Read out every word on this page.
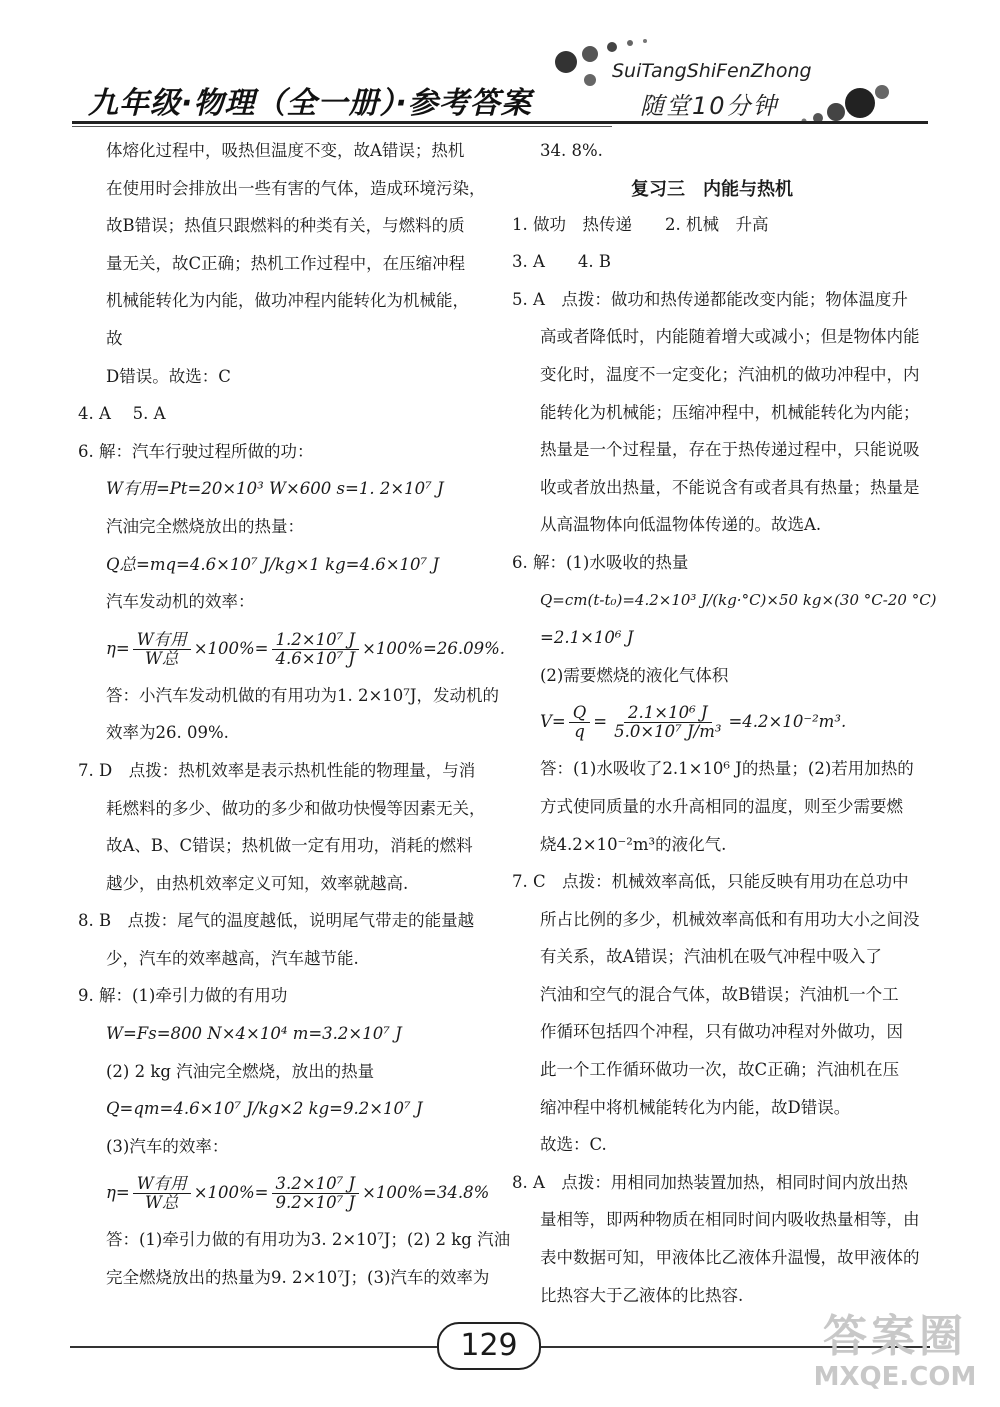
九年级·物理（全一册）·参考答案
SuiTangShiFenZhong
随堂10分钟

体熔化过程中，吸热但温度不变，故A错误；热机

在使用时会排放出一些有害的气体，造成环境污染，

故B错误；热值只跟燃料的种类有关，与燃料的质

量无关，故C正确；热机工作过程中，在压缩冲程

机械能转化为内能，做功冲程内能转化为机械能，

故

D错误。故选：C

4. A　 5. A

6. 解：汽车行驶过程所做的功：

W有用=Pt=20×10³ W×600 s=1. 2×10⁷ J

汽油完全燃烧放出的热量：

Q总=mq=4.6×10⁷ J/kg×1 kg=4.6×10⁷ J

汽车发动机的效率：

$\eta= \frac{\text{W有用}}{\text{W总}} \times 100\%= \frac{\text{1.2×10⁷ J}}{\text{4.6×10⁷ J}} \times 100\%=26.09\%$.

答：小汽车发动机做的有用功为1. 2×10⁷J，发动机的

效率为26. 09%.

7. D　点拨：热机效率是表示热机性能的物理量，与消

耗燃料的多少、做功的多少和做功快慢等因素无关，

故A、B、C错误；热机做一定有用功，消耗的燃料

越少，由热机效率定义可知，效率就越高.

8. B　点拨：尾气的温度越低，说明尾气带走的能量越

少，汽车的效率越高，汽车越节能.

9. 解：(1)牵引力做的有用功

W=Fs=800 N×4×10⁴ m=3.2×10⁷ J

(2) 2 kg 汽油完全燃烧，放出的热量

Q=qm=4.6×10⁷ J/kg×2 kg=9.2×10⁷ J

(3)汽车的效率：

$\eta= \frac{\text{W有用}}{\text{W总}} \times 100\%= \frac{\text{3.2×10⁷ J}}{\text{9.2×10⁷ J}} \times 100\%=34.8\%$

答：(1)牵引力做的有用功为3. 2×10⁷J；(2) 2 kg 汽油

完全燃烧放出的热量为9. 2×10⁷J；(3)汽车的效率为

34. 8%.

复习三　内能与热机

1. 做功　热传递　　2. 机械　升高

3. A　　4. B

5. A　点拨：做功和热传递都能改变内能；物体温度升

高或者降低时，内能随着增大或减小；但是物体内能

变化时，温度不一定变化；汽油机的做功冲程中，内

能转化为机械能；压缩冲程中，机械能转化为内能；

热量是一个过程量，存在于热传递过程中，只能说吸

收或者放出热量，不能说含有或者具有热量；热量是

从高温物体向低温物体传递的。故选A.

6. 解：(1)水吸收的热量

Q=cm(t-t₀)=4.2×10³ J/(kg·°C)×50 kg×(30 °C-20 °C)

=2.1×10⁶ J

(2)需要燃烧的液化气体积

$V= \frac{Q}{q} = \frac{\text{2.1×10⁶ J}}{\text{5.0×10⁷ J/m³}} =4.2\times 10^{-2}m^3$.

答：(1)水吸收了2.1×10⁶ J的热量；(2)若用加热的

方式使同质量的水升高相同的温度，则至少需要燃

烧4.2×10⁻²m³的液化气.

7. C　点拨：机械效率高低，只能反映有用功在总功中

所占比例的多少，机械效率高低和有用功大小之间没

有关系，故A错误；汽油机在吸气冲程中吸入了

汽油和空气的混合气体，故B错误；汽油机一个工

作循环包括四个冲程，只有做功冲程对外做功，因

此一个工作循环做功一次，故C正确；汽油机在压

缩冲程中将机械能转化为内能，故D错误。

故选：C.

8. A　点拨：用相同加热装置加热，相同时间内放出热

量相等，即两种物质在相同时间内吸收热量相等，由

表中数据可知，甲液体比乙液体升温慢，故甲液体的

比热容大于乙液体的比热容.

129	答案圈
MXQE.COM
